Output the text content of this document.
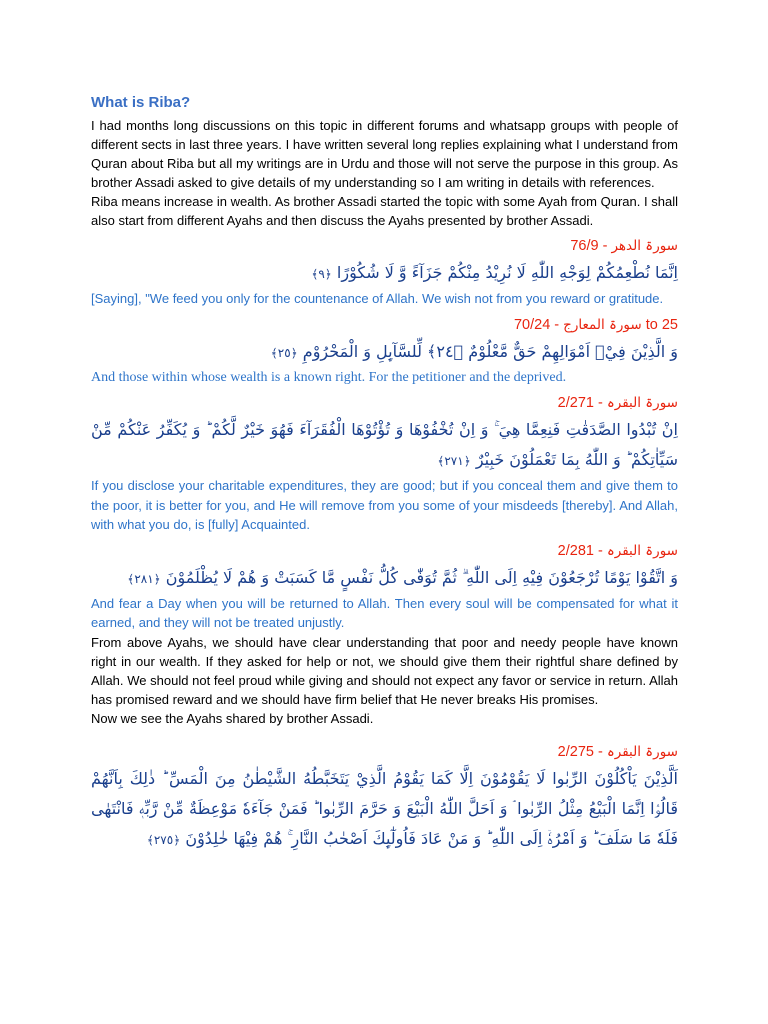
What is Riba?

I had months long discussions on this topic in different forums and whatsapp groups with people of different sects in last three years. I have written several long replies explaining what I understand from Quran about Riba but all my writings are in Urdu and those will not serve the purpose in this group. As brother Assadi asked to give details of my understanding so I am writing in details with references.

Riba means increase in wealth. As brother Assadi started the topic with some Ayah from Quran. I shall also start from different Ayahs and then discuss the Ayahs presented by brother Assadi.

سورۃ الدھر - 76/9

اِنَّمَا نُطْعِمُكُمْ لِوَجْهِ اللّٰهِ لَا نُرِيْدُ مِنْكُمْ جَزَآءً وَّ لَا شُكُوْرًا ﴿٩﴾

[Saying], "We feed you only for the countenance of Allah. We wish not from you reward or gratitude.

سورۃ المعارج - 70/24 to 25

وَ الَّذِيْنَ فِيْۤ اَمْوَالِهِمْ حَقٌّ مَّعْلُوْمٌ ﴿٢٤﴾ لِّلسَّآىِٕلِ وَ الْمَحْرُوْمِ ﴿٢٥﴾

And those within whose wealth is a known right. For the petitioner and the deprived.

سورۃ البقرہ - 2/271

اِنْ تُبْدُوا الصَّدَقٰتِ فَنِعِمَّا هِيَ ۚ وَ اِنْ تُخْفُوْهَا وَ تُؤْتُوْهَا الْفُقَرَآءَ فَهُوَ خَيْرٌ لَّكُمْ ؕ وَ يُكَفِّرُ عَنْكُمْ مِّنْ سَيِّاٰتِكُمْ ؕ وَ اللّٰهُ بِمَا تَعْمَلُوْنَ خَبِيْرٌ ﴿٢٧١﴾

If you disclose your charitable expenditures, they are good; but if you conceal them and give them to the poor, it is better for you, and He will remove from you some of your misdeeds [thereby]. And Allah, with what you do, is [fully] Acquainted.

سورۃ البقرہ - 2/281

وَ اتَّقُوْا يَوْمًا تُرْجَعُوْنَ فِيْهِ اِلَى اللّٰهِ ۗ ثُمَّ تُوَفّٰى كُلُّ نَفْسٍ مَّا كَسَبَتْ وَ هُمْ لَا يُظْلَمُوْنَ ﴿٢٨١﴾

And fear a Day when you will be returned to Allah. Then every soul will be compensated for what it earned, and they will not be treated unjustly.

From above Ayahs, we should have clear understanding that poor and needy people have known right in our wealth. If they asked for help or not, we should give them their rightful share defined by Allah. We should not feel proud while giving and should not expect any favor or service in return. Allah has promised reward and we should have firm belief that He never breaks His promises.

Now we see the Ayahs shared by brother Assadi.

سورۃ البقرہ - 2/275

اَلَّذِيْنَ يَاْكُلُوْنَ الرِّبٰوا لَا يَقُوْمُوْنَ اِلَّا كَمَا يَقُوْمُ الَّذِيْ يَتَخَبَّطُهُ الشَّيْطٰنُ مِنَ الْمَسِّ ؕ ذٰلِكَ بِاَنَّهُمْ قَالُوْۤا اِنَّمَا الْبَيْعُ مِثْلُ الرِّبٰوا ۘ وَ اَحَلَّ اللّٰهُ الْبَيْعَ وَ حَرَّمَ الرِّبٰوا ؕ فَمَنْ جَآءَهٗ مَوْعِظَةٌ مِّنْ رَّبِّهٖ فَانْتَهٰى فَلَهٗ مَا سَلَفَ ؕ وَ اَمْرُهٗۤ اِلَى اللّٰهِ ؕ وَ مَنْ عَادَ فَاُولٰٓىِٕكَ اَصْحٰبُ النَّارِ ۚ هُمْ فِيْهَا خٰلِدُوْنَ ﴿٢٧٥﴾
